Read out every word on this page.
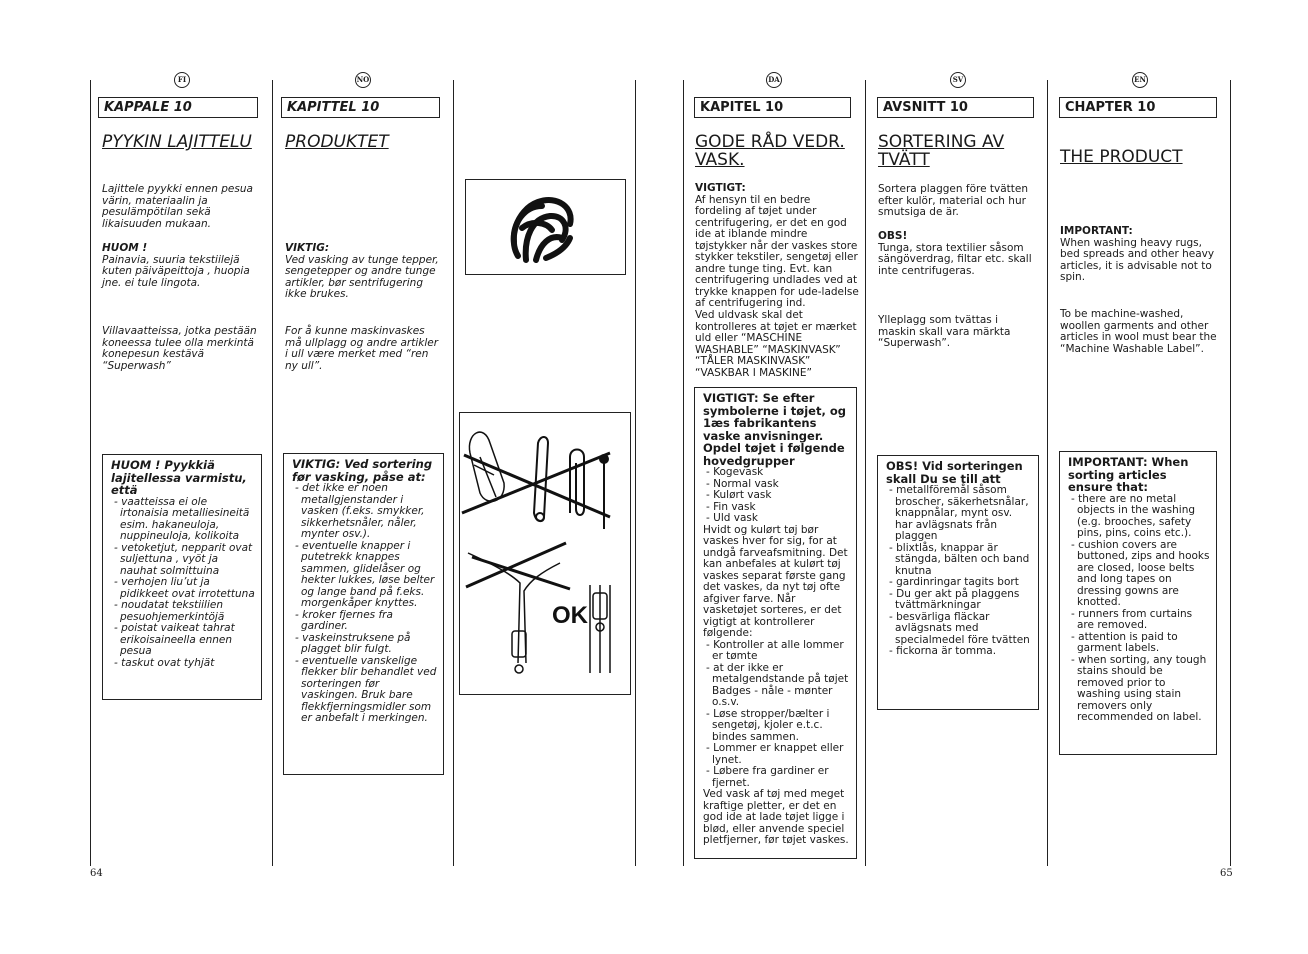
FI	NO	DA	SV	EN
KAPPALE 10
PYYKIN LAJITTELU
Lajittele pyykki ennen pesua värin, materiaalin ja pesulämpötilan sekä likaisuuden mukaan.

HUOM !

Painavia, suuria tekstiilejä kuten päiväpeittoja , huopia jne. ei tule lingota.

Villavaatteissa, jotka pestään koneessa tulee olla merkintä konepesun kestävä “Superwash”
HUOM ! Pyykkiä lajitellessa varmistu, että
- vaatteissa ei ole irtonaisia metalliesineitä esim. hakaneuloja, nuppineuloja, kolikoita
- vetoketjut, nepparit ovat suljettuna , vyöt ja nauhat solmittuina
- verhojen liu’ut ja pidikkeet ovat irrotettuna
- noudatat tekstiilien pesuohjemerkintöjä
- poistat vaikeat tahrat erikoisaineella ennen pesua
- taskut ovat tyhjät
KAPITTEL 10
PRODUKTET

VIKTIG:

Ved vasking av tunge tepper, sengetepper og andre tunge artikler, bør sentrifugering ikke brukes.

For å kunne maskinvaskes må ullplagg og andre artikler i ull være merket med “ren ny ull”.
VIKTIG: Ved sortering før vasking, påse at:
- det ikke er noen metallgjenstander i vasken (f.eks. smykker, sikkerhetsnåler, nåler, mynter osv.).
- eventuelle knapper i putetrekk knappes sammen, glidelåser og hekter lukkes, løse belter og lange band på f.eks. morgenkåper knyttes.
- kroker fjernes fra gardiner.
- vaskeinstruksene på plagget blir fulgt.
- eventuelle vanskelige flekker blir behandlet ved sorteringen før vaskingen. Bruk bare flekkfjerningsmidler som er anbefalt i merkingen.
OK
KAPITEL 10
GODE RÅD VEDR. VASK.

VIGTIGT:

Af hensyn til en bedre fordeling af tøjet under centrifugering, er det en god ide at iblande mindre tøjstykker når der vaskes store stykker tekstiler, sengetøj eller andre tunge ting. Evt. kan centrifugering undlades ved at trykke knappen for ude-ladelse af centrifugering ind.

Ved uldvask skal det kontrolleres at tøjet er mærket uld eller “MASCHINE WASHABLE” “MASKINVASK” “TÅLER MASKINVASK” “VASKBAR I MASKINE”
VIGTIGT: Se efter symbolerne i tøjet, og 1æs fabrikantens vaske anvisninger. Opdel tøjet i følgende hovedgrupper
- Kogevask
- Normal vask
- Kulørt vask
- Fin vask
- Uld vask

Hvidt og kulørt tøj bør vaskes hver for sig, for at undgå farveafsmitning. Det kan anbefales at kulørt tøj vaskes separat første gang det vaskes, da nyt tøj ofte afgiver farve. Når vasketøjet sorteres, er det vigtigt at kontrollerer følgende:

- Kontroller at alle lommer er tømte
- at der ikke er metalgendstande på tøjet Badges - nåle - mønter o.s.v.
- Løse stropper/bælter i sengetøj, kjoler e.t.c. bindes sammen.
- Lommer er knappet eller lynet.
- Løbere fra gardiner er fjernet.

Ved vask af tøj med meget kraftige pletter, er det en god ide at lade tøjet ligge i blød, eller anvende speciel pletfjerner, før tøjet vaskes.

AVSNITT 10
SORTERING AV TVÄTT
Sortera plaggen före tvätten efter kulör, material och hur smutsiga de är.

OBS!

Tunga, stora textilier såsom sängöverdrag, filtar etc. skall inte centrifugeras.

Ylleplagg som tvättas i maskin skall vara märkta “Superwash”.
OBS! Vid sorteringen skall Du se till att
- metallföremål såsom broscher, säkerhetsnålar, knappnålar, mynt osv. har avlägsnats från plaggen
- blixtlås, knappar är stängda, bälten och band knutna
- gardinringar tagits bort
- Du ger akt på plaggens tvättmärkningar
- besvärliga fläckar avlägsnats med specialmedel före tvätten
- fickorna är tomma.
CHAPTER 10
THE PRODUCT

IMPORTANT:

When washing heavy rugs, bed spreads and other heavy articles, it is advisable not to spin.

To be machine-washed, woollen garments and other articles in wool must bear the “Machine Washable Label”.
IMPORTANT: When sorting articles ensure that:
- there are no metal objects in the washing (e.g. brooches, safety pins, pins, coins etc.).
- cushion covers are buttoned, zips and hooks are closed, loose belts and long tapes on dressing gowns are knotted.
- runners from curtains are removed.
- attention is paid to garment labels.
- when sorting, any tough stains should be removed prior to washing using stain removers only recommended on label.
64	65
